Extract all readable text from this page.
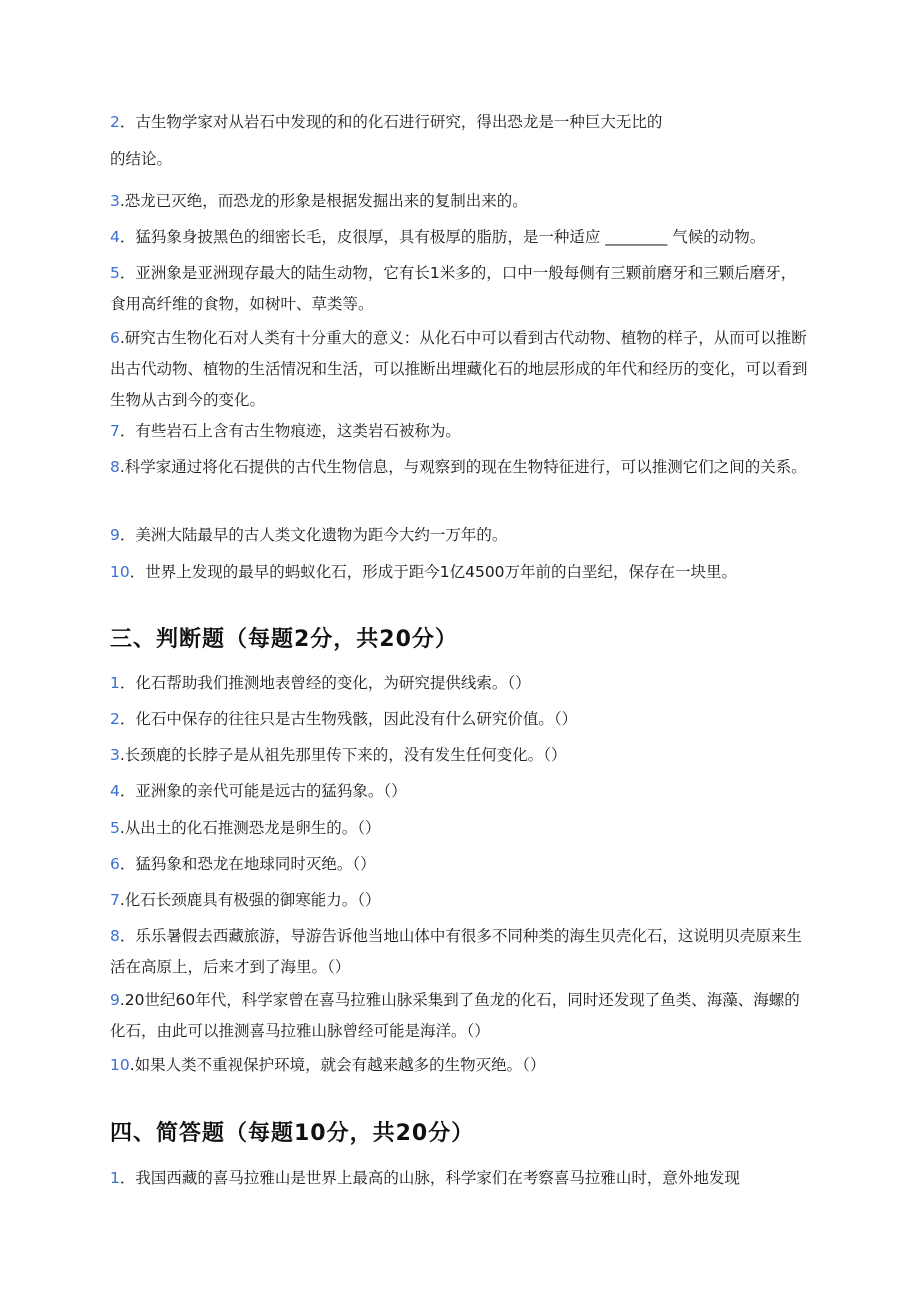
2．古生物学家对从岩石中发现的和的化石进行研究，得出恐龙是一种巨大无比的
的结论。
3.恐龙已灭绝，而恐龙的形象是根据发掘出来的复制出来的。
4．猛犸象身披黑色的细密长毛，皮很厚，具有极厚的脂肪，是一种适应 ________ 气候的动物。
5．亚洲象是亚洲现存最大的陆生动物，它有长1米多的，口中一般每侧有三颗前磨牙和三颗后磨牙，食用高纤维的食物，如树叶、草类等。
6.研究古生物化石对人类有十分重大的意义：从化石中可以看到古代动物、植物的样子，从而可以推断出古代动物、植物的生活情况和生活，可以推断出埋藏化石的地层形成的年代和经历的变化，可以看到生物从古到今的变化。
7．有些岩石上含有古生物痕迹，这类岩石被称为。
8.科学家通过将化石提供的古代生物信息，与观察到的现在生物特征进行，可以推测它们之间的关系。
9．美洲大陆最早的古人类文化遗物为距今大约一万年的。
10．世界上发现的最早的蚂蚁化石，形成于距今1亿4500万年前的白垩纪，保存在一块里。
三、判断题（每题2分，共20分）
1．化石帮助我们推测地表曾经的变化，为研究提供线索。（）
2．化石中保存的往往只是古生物残骸，因此没有什么研究价值。（）
3.长颈鹿的长脖子是从祖先那里传下来的，没有发生任何变化。（）
4．亚洲象的亲代可能是远古的猛犸象。（）
5.从出土的化石推测恐龙是卵生的。（）
6．猛犸象和恐龙在地球同时灭绝。（）
7.化石长颈鹿具有极强的御寒能力。（）
8．乐乐暑假去西藏旅游，导游告诉他当地山体中有很多不同种类的海生贝壳化石，这说明贝壳原来生活在高原上，后来才到了海里。（）
9.20世纪60年代，科学家曾在喜马拉雅山脉采集到了鱼龙的化石，同时还发现了鱼类、海藻、海螺的化石，由此可以推测喜马拉雅山脉曾经可能是海洋。（）
10.如果人类不重视保护环境，就会有越来越多的生物灭绝。（）
四、简答题（每题10分，共20分）
1．我国西藏的喜马拉雅山是世界上最高的山脉，科学家们在考察喜马拉雅山时，意外地发现
